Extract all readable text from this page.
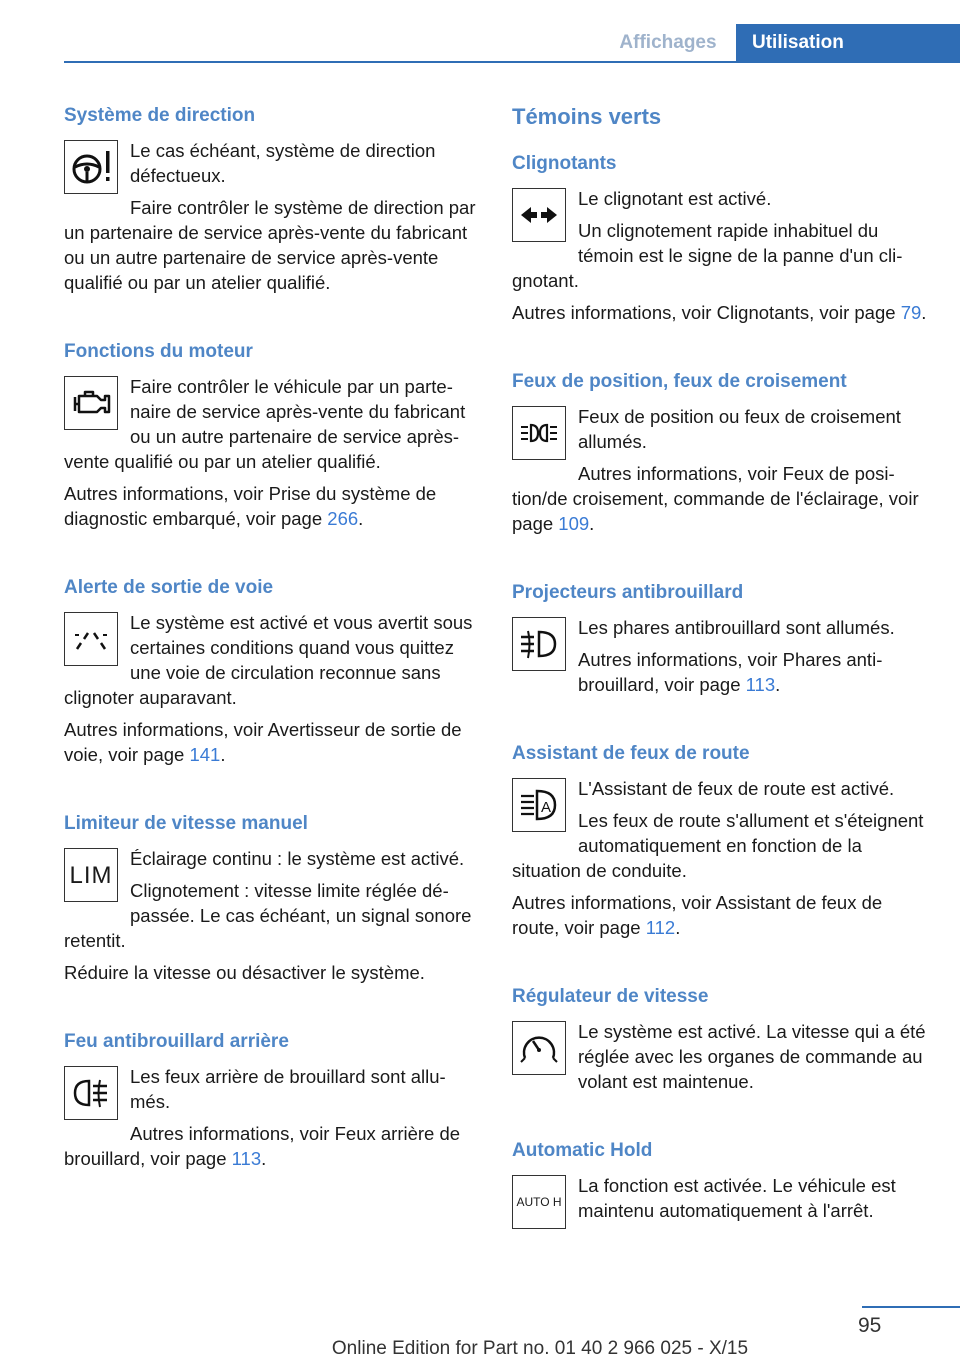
Affichages	Utilisation
Système de direction

Le cas échéant, système de direction défectueux.

Faire contrôler le système de direction par un partenaire de service après-vente du fabricant ou un autre partenaire de service après-vente qualifié ou par un atelier qualifié.

Fonctions du moteur

Faire contrôler le véhicule par un partenaire de service après-vente du fabricant ou un autre partenaire de service après-vente qualifié ou par un atelier qualifié.

Autres informations, voir Prise du système de diagnostic embarqué, voir page 266.

Alerte de sortie de voie

Le système est activé et vous avertit sous certaines conditions quand vous quittez une voie de circulation reconnue sans clignoter auparavant.

Autres informations, voir Avertisseur de sortie de voie, voir page 141.

Limiteur de vitesse manuel
LIM

Éclairage continu : le système est activé.

Clignotement : vitesse limite réglée dépassée. Le cas échéant, un signal sonore retentit.

Réduire la vitesse ou désactiver le système.

Feu antibrouillard arrière

Les feux arrière de brouillard sont allumés.

Autres informations, voir Feux arrière de brouillard, voir page 113.

Témoins verts
Clignotants

Le clignotant est activé.

Un clignotement rapide inhabituel du témoin est le signe de la panne d'un clignotant.

Autres informations, voir Clignotants, voir page 79.

Feux de position, feux de croisement

Feux de position ou feux de croisement allumés.

Autres informations, voir Feux de position/de croisement, commande de l'éclairage, voir page 109.

Projecteurs antibrouillard

Les phares antibrouillard sont allumés.

Autres informations, voir Phares antibrouillard, voir page 113.

Assistant de feux de route
A

L'Assistant de feux de route est activé.

Les feux de route s'allument et s'éteignent automatiquement en fonction de la situation de conduite.

Autres informations, voir Assistant de feux de route, voir page 112.

Régulateur de vitesse

Le système est activé. La vitesse qui a été réglée avec les organes de commande au volant est maintenue.

Automatic Hold
AUTO H

La fonction est activée. Le véhicule est maintenu automatiquement à l'arrêt.

95
Online Edition for Part no. 01 40 2 966 025 - X/15
